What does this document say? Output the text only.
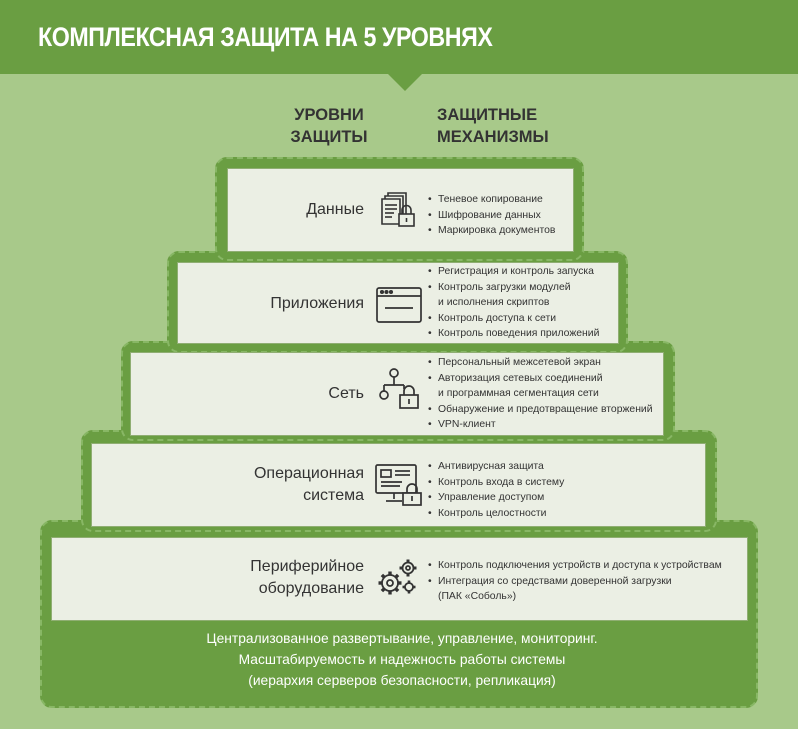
КОМПЛЕКСНАЯ ЗАЩИТА НА 5 УРОВНЯХ
УРОВНИ
ЗАЩИТЫ
ЗАЩИТНЫЕ
МЕХАНИЗМЫ
Данные
• Теневое копирование
• Шифрование данных
• Маркировка документов
Приложения
• Регистрация и контроль запуска
• Контроль загрузки модулей
и исполнения скриптов
• Контроль доступа к сети
• Контроль поведения приложений
Сеть
• Персональный межсетевой экран
• Авторизация сетевых соединений
и программная сегментация сети
• Обнаружение и предотвращение вторжений
• VPN-клиент
Операционная
система
• Антивирусная защита
• Контроль входа в систему
• Управление доступом
• Контроль целостности
Периферийное
оборудование
• Контроль подключения устройств и доступа к устройствам
• Интеграция со средствами доверенной загрузки
(ПАК «Соболь»)
Централизованное развертывание, управление, мониторинг.
Масштабируемость и надежность работы системы
(иерархия серверов безопасности, репликация)
